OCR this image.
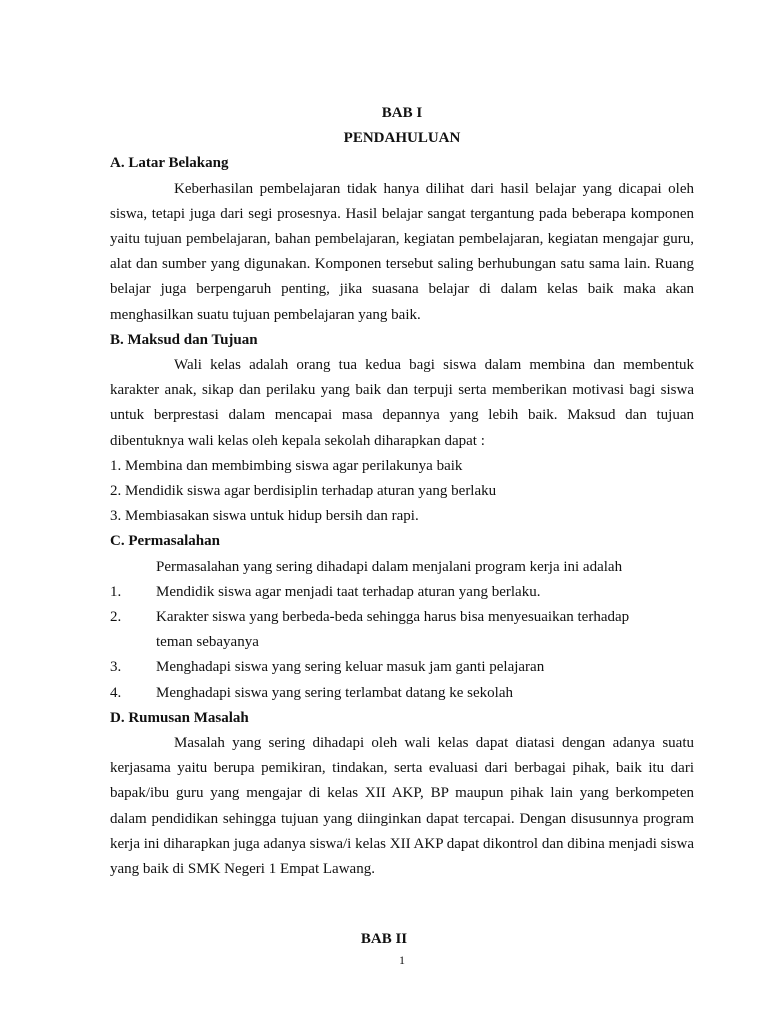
BAB I

PENDAHULUAN

A. Latar Belakang

Keberhasilan pembelajaran tidak hanya dilihat dari hasil belajar yang dicapai oleh siswa, tetapi juga dari segi prosesnya. Hasil belajar sangat tergantung pada beberapa komponen yaitu tujuan pembelajaran, bahan pembelajaran, kegiatan pembelajaran, kegiatan mengajar guru, alat dan sumber yang digunakan. Komponen tersebut saling berhubungan satu sama lain. Ruang belajar juga berpengaruh penting, jika suasana belajar di dalam kelas baik maka akan menghasilkan suatu tujuan pembelajaran yang baik.

B. Maksud dan Tujuan

Wali kelas adalah orang tua kedua bagi siswa dalam membina dan membentuk karakter anak, sikap dan perilaku yang baik dan terpuji serta memberikan motivasi bagi siswa untuk berprestasi dalam mencapai masa depannya yang lebih baik. Maksud dan tujuan dibentuknya wali kelas oleh kepala sekolah diharapkan dapat :

1. Membina dan membimbing siswa agar perilakunya baik

2. Mendidik siswa agar berdisiplin terhadap aturan yang berlaku

3. Membiasakan siswa untuk hidup bersih dan rapi.

C. Permasalahan

Permasalahan yang sering dihadapi dalam menjalani program kerja ini adalah

1.	Mendidik siswa agar menjadi taat terhadap aturan yang berlaku.
2.	Karakter siswa yang berbeda-beda sehingga harus bisa menyesuaikan terhadap teman sebayanya
3.	Menghadapi siswa yang sering keluar masuk jam ganti pelajaran
4.	Menghadapi siswa yang sering terlambat datang ke sekolah

D. Rumusan Masalah

Masalah yang sering dihadapi oleh wali kelas dapat diatasi dengan adanya suatu kerjasama yaitu berupa pemikiran, tindakan, serta evaluasi dari berbagai pihak, baik itu dari bapak/ibu guru yang mengajar di kelas XII AKP, BP maupun pihak lain yang berkompeten dalam pendidikan sehingga tujuan yang diinginkan dapat tercapai. Dengan disusunnya program kerja ini diharapkan juga adanya siswa/i kelas XII AKP dapat dikontrol dan dibina menjadi siswa yang baik di SMK Negeri 1 Empat Lawang.

BAB II
1
